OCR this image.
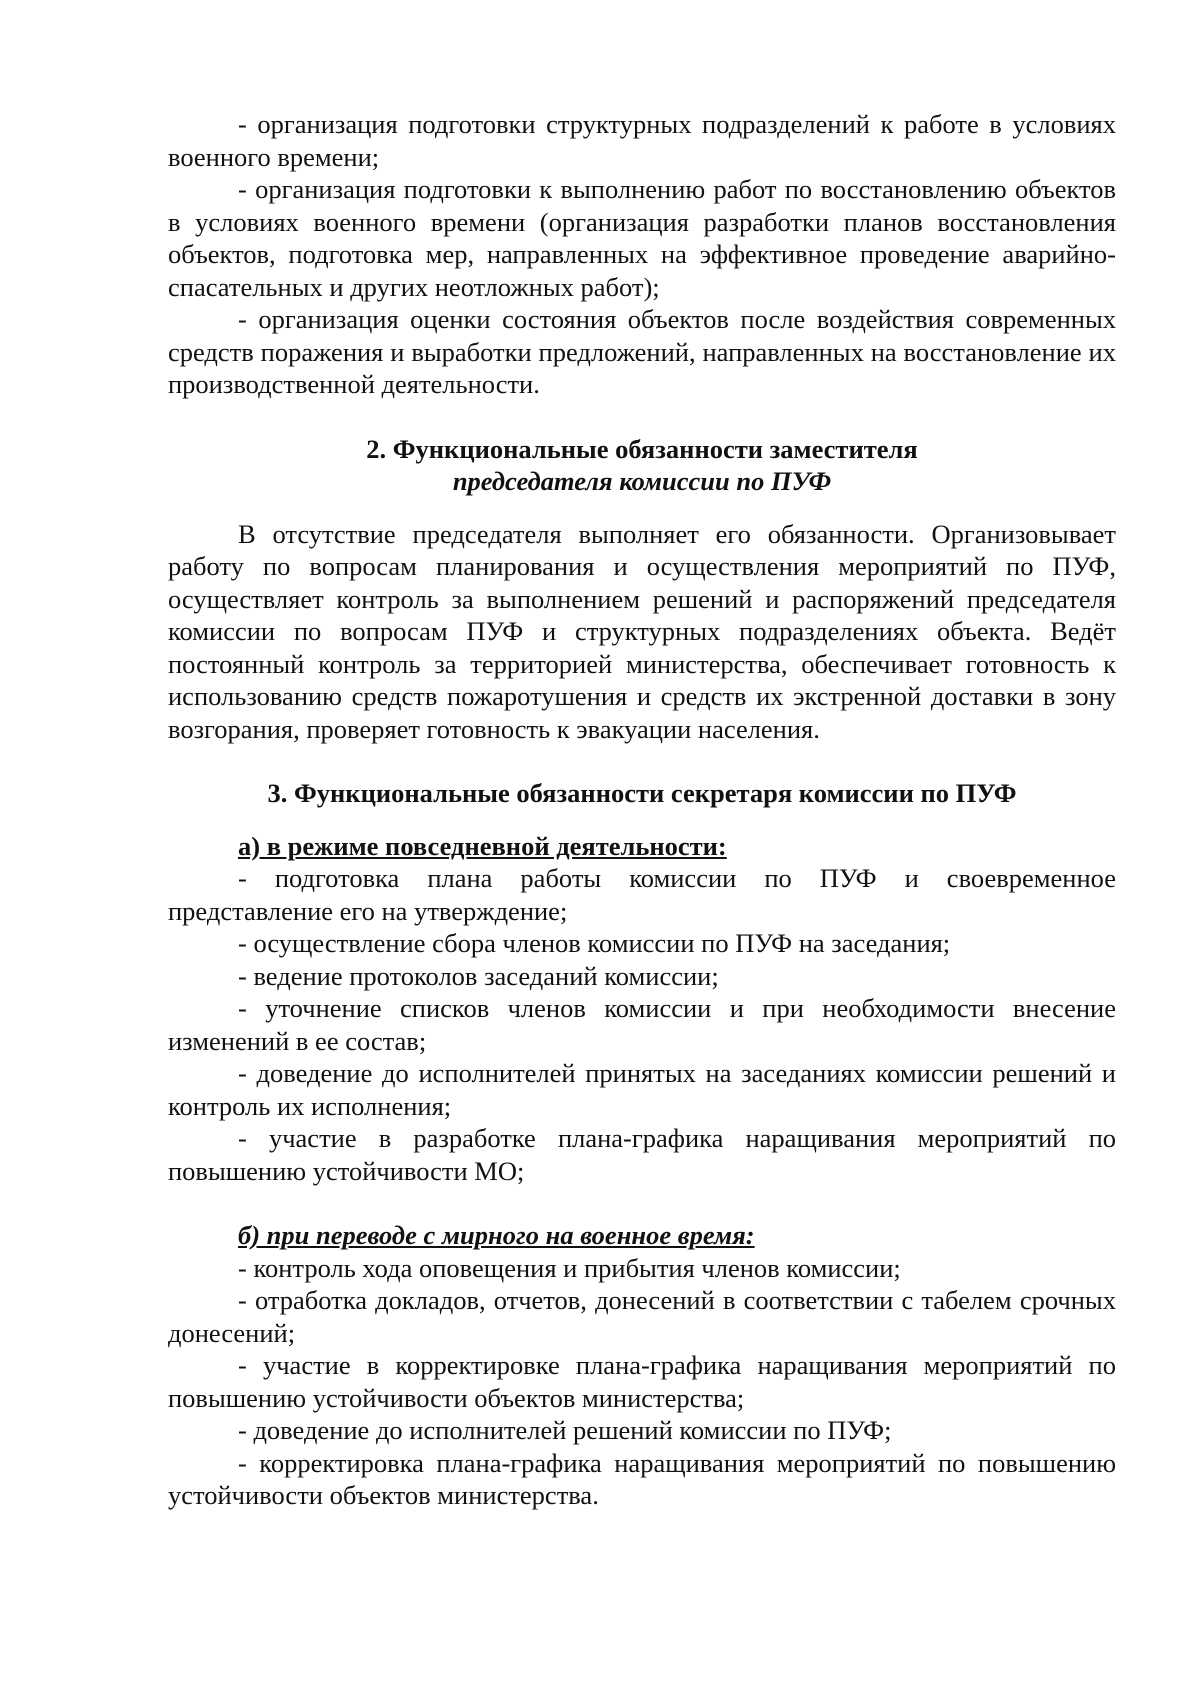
- организация подготовки структурных подразделений к работе в условиях военного времени;

- организация подготовки к выполнению работ по восстановлению объектов в условиях военного времени (организация разработки планов восстановления объектов, подготовка мер, направленных на эффективное проведение аварийно-спасательных и других неотложных работ);

- организация оценки состояния объектов после воздействия современных средств поражения и выработки предложений, направленных на восстановление их производственной деятельности.

2. Функциональные обязанности заместителя
председателя комиссии по ПУФ

В отсутствие председателя выполняет его обязанности. Организовывает работу по вопросам планирования и осуществления мероприятий по ПУФ, осуществляет контроль за выполнением решений и распоряжений председателя комиссии по вопросам ПУФ и структурных подразделениях объекта. Ведёт постоянный контроль за территорией министерства, обеспечивает готовность к использованию средств пожаротушения и средств их экстренной доставки в зону возгорания, проверяет готовность к эвакуации населения.

3. Функциональные обязанности секретаря комиссии по ПУФ

а) в режиме повседневной деятельности:

- подготовка плана работы комиссии по ПУФ и своевременное представление его на утверждение;

- осуществление сбора членов комиссии по ПУФ на заседания;

- ведение протоколов заседаний комиссии;

- уточнение списков членов комиссии и при необходимости внесение изменений в ее состав;

- доведение до исполнителей принятых на заседаниях комиссии решений и контроль их исполнения;

- участие в разработке плана-графика наращивания мероприятий по повышению устойчивости МО;

б) при переводе с мирного на военное время:

- контроль хода оповещения и прибытия членов комиссии;

- отработка докладов, отчетов, донесений в соответствии с табелем срочных донесений;

- участие в корректировке плана-графика наращивания мероприятий по повышению устойчивости объектов министерства;

- доведение до исполнителей решений комиссии по ПУФ;

- корректировка плана-графика наращивания мероприятий по повышению устойчивости объектов министерства.
